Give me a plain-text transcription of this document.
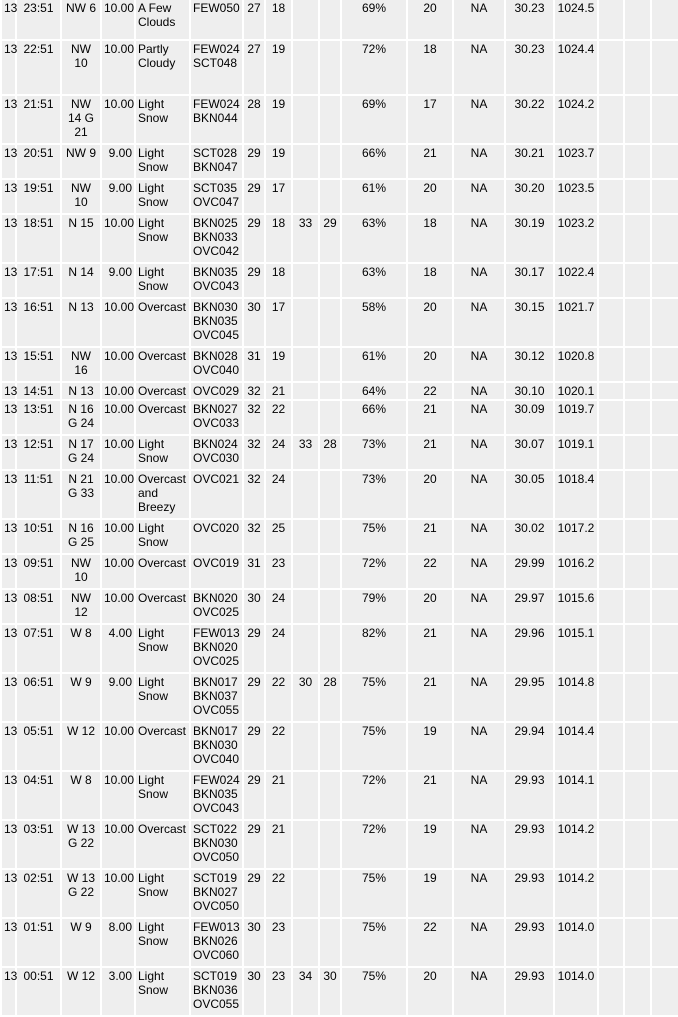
13	23:51	NW 6	10.00	A Few Clouds	FEW050	27	18			69%	20	NA	30.23	1024.5			
13	22:51	NW 10	10.00	Partly Cloudy	FEW024 SCT048	27	19			72%	18	NA	30.23	1024.4			
13	21:51	NW 14 G 21	10.00	Light Snow	FEW024 BKN044	28	19			69%	17	NA	30.22	1024.2			
13	20:51	NW 9	9.00	Light Snow	SCT028 BKN047	29	19			66%	21	NA	30.21	1023.7			
13	19:51	NW 10	9.00	Light Snow	SCT035 OVC047	29	17			61%	20	NA	30.20	1023.5			
13	18:51	N 15	10.00	Light Snow	BKN025 BKN033 OVC042	29	18	33	29	63%	18	NA	30.19	1023.2			
13	17:51	N 14	9.00	Light Snow	BKN035 OVC043	29	18			63%	18	NA	30.17	1022.4			
13	16:51	N 13	10.00	Overcast	BKN030 BKN035 OVC045	30	17			58%	20	NA	30.15	1021.7			
13	15:51	NW 16	10.00	Overcast	BKN028 OVC040	31	19			61%	20	NA	30.12	1020.8			
13	14:51	N 13	10.00	Overcast	OVC029	32	21			64%	22	NA	30.10	1020.1			
13	13:51	N 16 G 24	10.00	Overcast	BKN027 OVC033	32	22			66%	21	NA	30.09	1019.7			
13	12:51	N 17 G 24	10.00	Light Snow	BKN024 OVC030	32	24	33	28	73%	21	NA	30.07	1019.1			
13	11:51	N 21 G 33	10.00	Overcast and Breezy	OVC021	32	24			73%	20	NA	30.05	1018.4			
13	10:51	N 16 G 25	10.00	Light Snow	OVC020	32	25			75%	21	NA	30.02	1017.2			
13	09:51	NW 10	10.00	Overcast	OVC019	31	23			72%	22	NA	29.99	1016.2			
13	08:51	NW 12	10.00	Overcast	BKN020 OVC025	30	24			79%	20	NA	29.97	1015.6			
13	07:51	W 8	4.00	Light Snow	FEW013 BKN020 OVC025	29	24			82%	21	NA	29.96	1015.1			
13	06:51	W 9	9.00	Light Snow	BKN017 BKN037 OVC055	29	22	30	28	75%	21	NA	29.95	1014.8			
13	05:51	W 12	10.00	Overcast	BKN017 BKN030 OVC040	29	22			75%	19	NA	29.94	1014.4			
13	04:51	W 8	10.00	Light Snow	FEW024 BKN035 OVC043	29	21			72%	21	NA	29.93	1014.1			
13	03:51	W 13 G 22	10.00	Overcast	SCT022 BKN030 OVC050	29	21			72%	19	NA	29.93	1014.2			
13	02:51	W 13 G 22	10.00	Light Snow	SCT019 BKN027 OVC050	29	22			75%	19	NA	29.93	1014.2			
13	01:51	W 9	8.00	Light Snow	FEW013 BKN026 OVC060	30	23			75%	22	NA	29.93	1014.0			
13	00:51	W 12	3.00	Light Snow	SCT019 BKN036 OVC055	30	23	34	30	75%	20	NA	29.93	1014.0			
